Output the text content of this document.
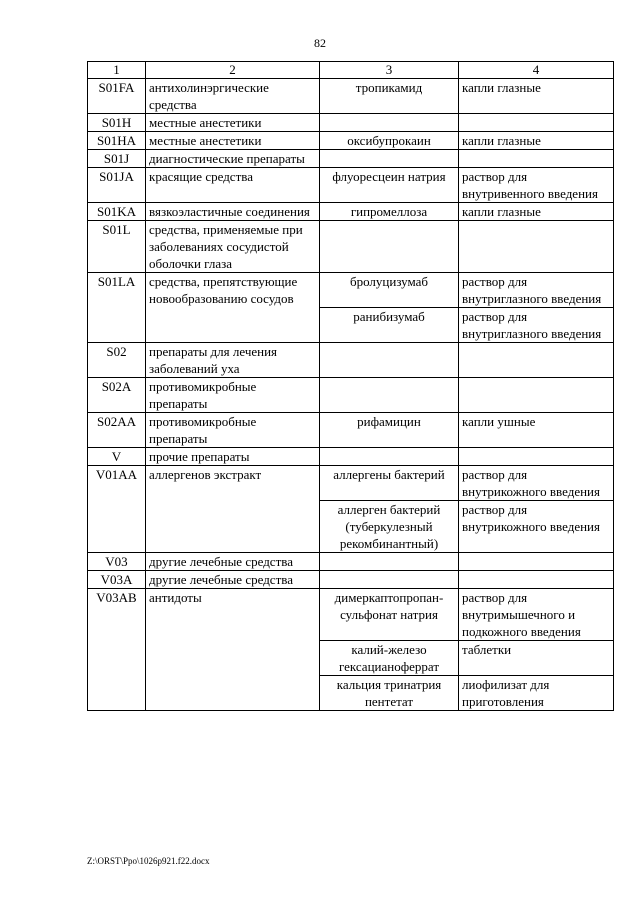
82
1	2	3	4
S01FA	антихолинэргические средства	тропикамид	капли глазные
S01H	местные анестетики		
S01HA	местные анестетики	оксибупрокаин	капли глазные
S01J	диагностические препараты		
S01JA	красящие средства	флуоресцеин натрия	раствор для внутривенного введения
S01KA	вязкоэластичные соединения	гипромеллоза	капли глазные
S01L	средства, применяемые при заболеваниях сосудистой оболочки глаза		
S01LA	средства, препятствующие новообразованию сосудов	бролуцизумаб	раствор для внутриглазного введения
		ранибизумаб	раствор для внутриглазного введения
S02	препараты для лечения заболеваний уха		
S02A	противомикробные препараты		
S02AA	противомикробные препараты	рифамицин	капли ушные
V	прочие препараты		
V01AA	аллергенов экстракт	аллергены бактерий	раствор для внутрикожного введения
		аллерген бактерий (туберкулезный рекомбинантный)	раствор для внутрикожного введения
V03	другие лечебные средства		
V03A	другие лечебные средства		
V03AB	антидоты	димеркаптопропан-сульфонат натрия	раствор для внутримышечного и подкожного введения
		калий-железо гексацианоферрат	таблетки
		кальция тринатрия пентетат	лиофилизат для приготовления
Z:\ORST\Ppo\1026p921.f22.docx
